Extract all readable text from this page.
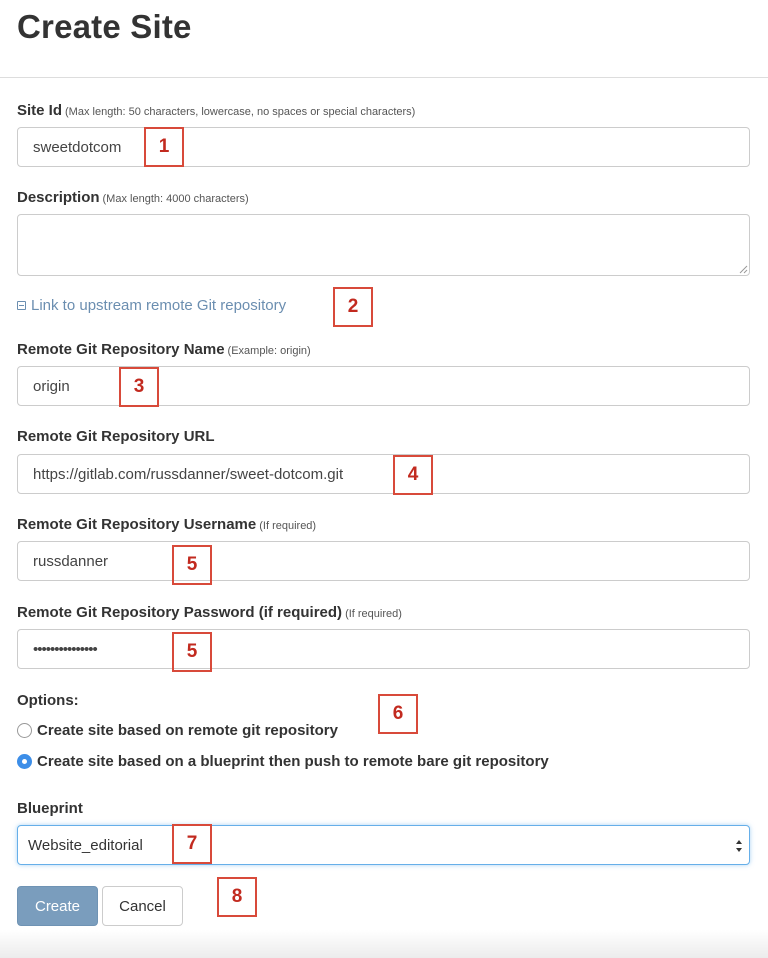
Create Site
Site Id (Max length: 50 characters, lowercase, no spaces or special characters)
sweetdotcom
Description (Max length: 4000 characters)
Link to upstream remote Git repository
Remote Git Repository Name (Example: origin)
origin
Remote Git Repository URL
https://gitlab.com/russdanner/sweet-dotcom.git
Remote Git Repository Username (If required)
russdanner
Remote Git Repository Password (if required) (If required)
•••••••••••••••
Options:
Create site based on remote git repository
Create site based on a blueprint then push to remote bare git repository
Blueprint
Website_editorial
Create	Cancel
1
2
3
4
5
5
6
7
8
